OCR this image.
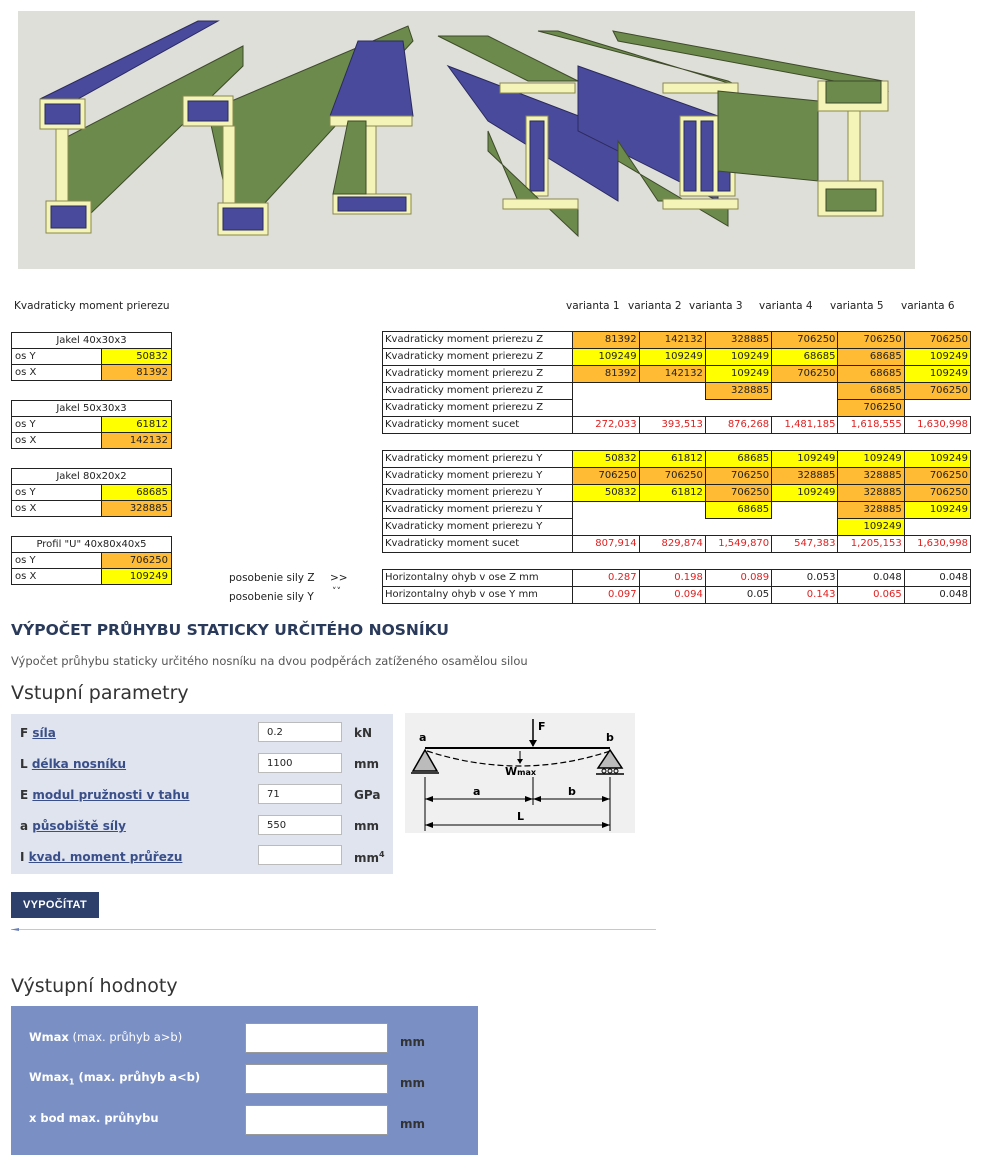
Kvadraticky moment prierezu	varianta 1 varianta 2 varianta 3 varianta 4 varianta 5 varianta 6
Jakel 40x30x3	
os Y	50832
os X	81392
Jakel 50x30x3	
os Y	61812
os X	142132
Jakel 80x20x2	
os Y	68685
os X	328885
Profil "U" 40x80x40x5	
os Y	706250
os X	109249	posobenie sily Z >>
posobenie sily Y ˅˅
Kvadraticky moment prierezu Z	81392	142132	328885	706250	706250	706250
Kvadraticky moment prierezu Z	109249	109249	109249	68685	68685	109249
Kvadraticky moment prierezu Z	81392	142132	109249	706250	68685	109249
Kvadraticky moment prierezu Z			328885		68685	706250
Kvadraticky moment prierezu Z					706250	
Kvadraticky moment sucet	272,033	393,513	876,268	1,481,185	1,618,555	1,630,998

Kvadraticky moment prierezu Y	50832	61812	68685	109249	109249	109249
Kvadraticky moment prierezu Y	706250	706250	706250	328885	328885	706250
Kvadraticky moment prierezu Y	50832	61812	706250	109249	328885	706250
Kvadraticky moment prierezu Y			68685		328885	109249
Kvadraticky moment prierezu Y					109249	
Kvadraticky moment sucet	807,914	829,874	1,549,870	547,383	1,205,153	1,630,998

Horizontalny ohyb v ose Z mm	0.287	0.198	0.089	0.053	0.048	0.048
Horizontalny ohyb v ose Y mm	0.097	0.094	0.05	0.143	0.065	0.048
VÝPOČET PRŮHYBU STATICKY URČITÉHO NOSNÍKU
Výpočet průhybu staticky určitého nosníku na dvou podpěrách zatíženého osamělou silou
Vstupní parametry
F síla	0.2	kN
L délka nosníku	1100	mm
E modul pružnosti v tahu	71	GPa
a působiště síly	550	mm
I kvad. moment průřezu	$mm^4$
F
a	b
Wmax
a	b
L
VYPOČÍTAT
Výstupní hodnoty
Wmax (max. průhyb a>b)	mm
Wmax$_1$ (max. průhyb a<b)	mm
x bod max. průhybu	mm
